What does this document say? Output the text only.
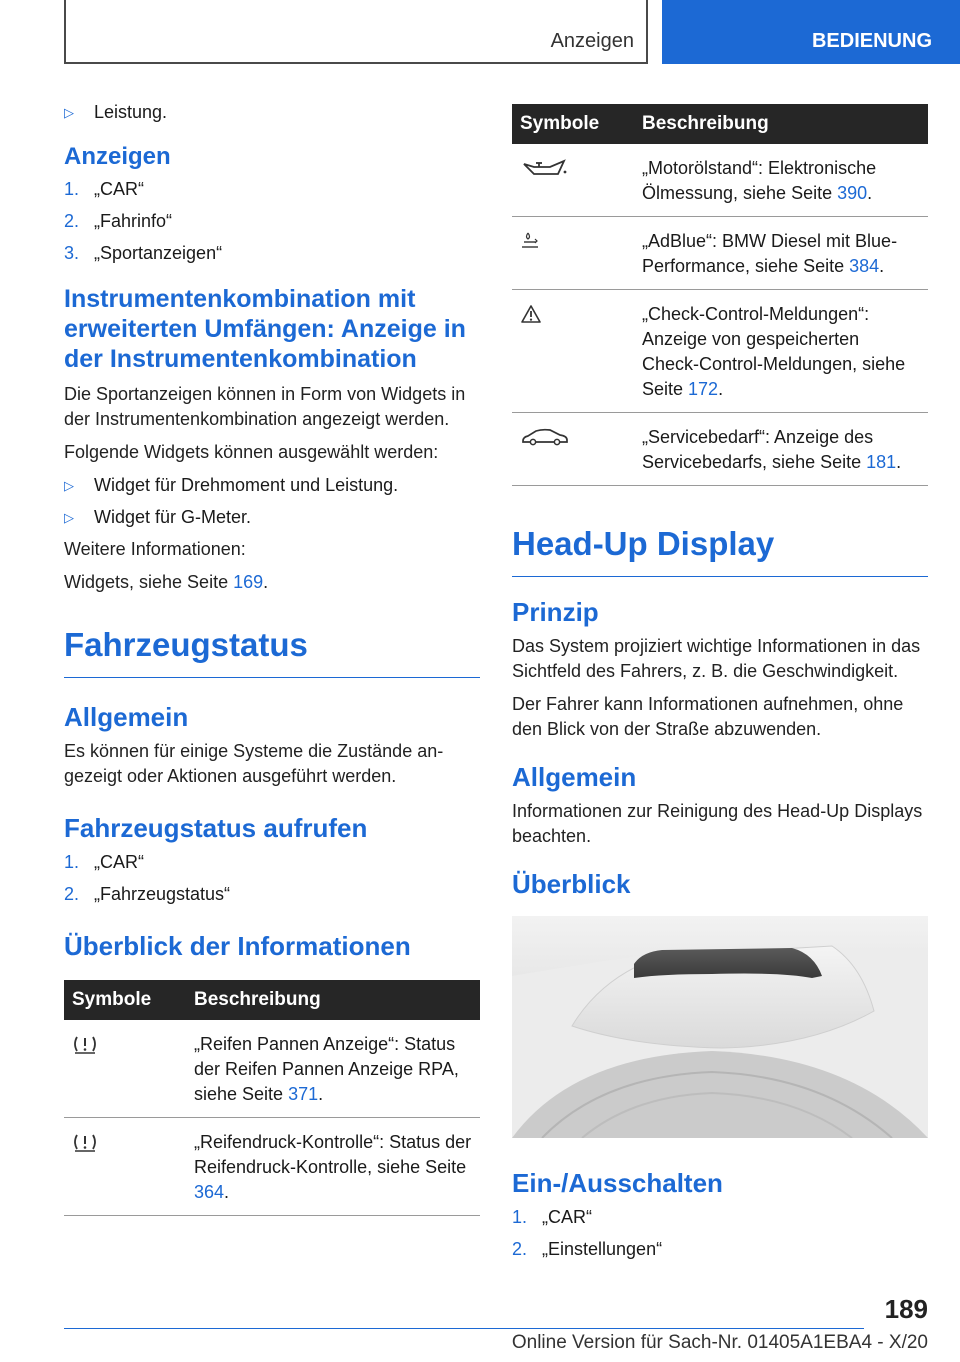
Anzeigen	BEDIENUNG
▷	Leistung.
Anzeigen
1. „CAR“
2. „Fahrinfo“
3. „Sportanzeigen“
Instrumentenkombination mit erweiterten Umfängen: Anzeige in der Instrumentenkombination

Die Sportanzeigen können in Form von Widgets in der Instrumentenkombination angezeigt werden.

Folgende Widgets können ausgewählt werden:

▷	Widget für Drehmoment und Leistung.
▷	Widget für G-Meter.

Weitere Informationen:

Widgets, siehe Seite 169.

Fahrzeugstatus
Allgemein

Es können für einige Systeme die Zustände angezeigt oder Aktionen ausgeführt werden.

Fahrzeugstatus aufrufen
1. „CAR“
2. „Fahrzeugstatus“
Überblick der Informationen
Symbole	Beschreibung
	„Reifen Pannen Anzeige“: Status der Reifen Pannen Anzeige RPA, siehe Seite 371.
	„Reifendruck-Kontrolle“: Status der Reifendruck-Kontrolle, siehe Seite 364.
Symbole	Beschreibung
	„Motorölstand“: Elektronische Ölmessung, siehe Seite 390.
	„AdBlue“: BMW Diesel mit BluePerformance, siehe Seite 384.
	„Check-Control-Meldungen“: Anzeige von gespeicherten Check-Control-Meldungen, siehe Seite 172.
	„Servicebedarf“: Anzeige des Servicebedarfs, siehe Seite 181.
Head-Up Display
Prinzip

Das System projiziert wichtige Informationen in das Sichtfeld des Fahrers, z. B. die Geschwindigkeit.

Der Fahrer kann Informationen aufnehmen, ohne den Blick von der Straße abzuwenden.

Allgemein

Informationen zur Reinigung des Head-Up Displays beachten.

Überblick
Ein-/Ausschalten
1. „CAR“
2. „Einstellungen“
189
Online Version für Sach-Nr. 01405A1EBA4 - X/20
